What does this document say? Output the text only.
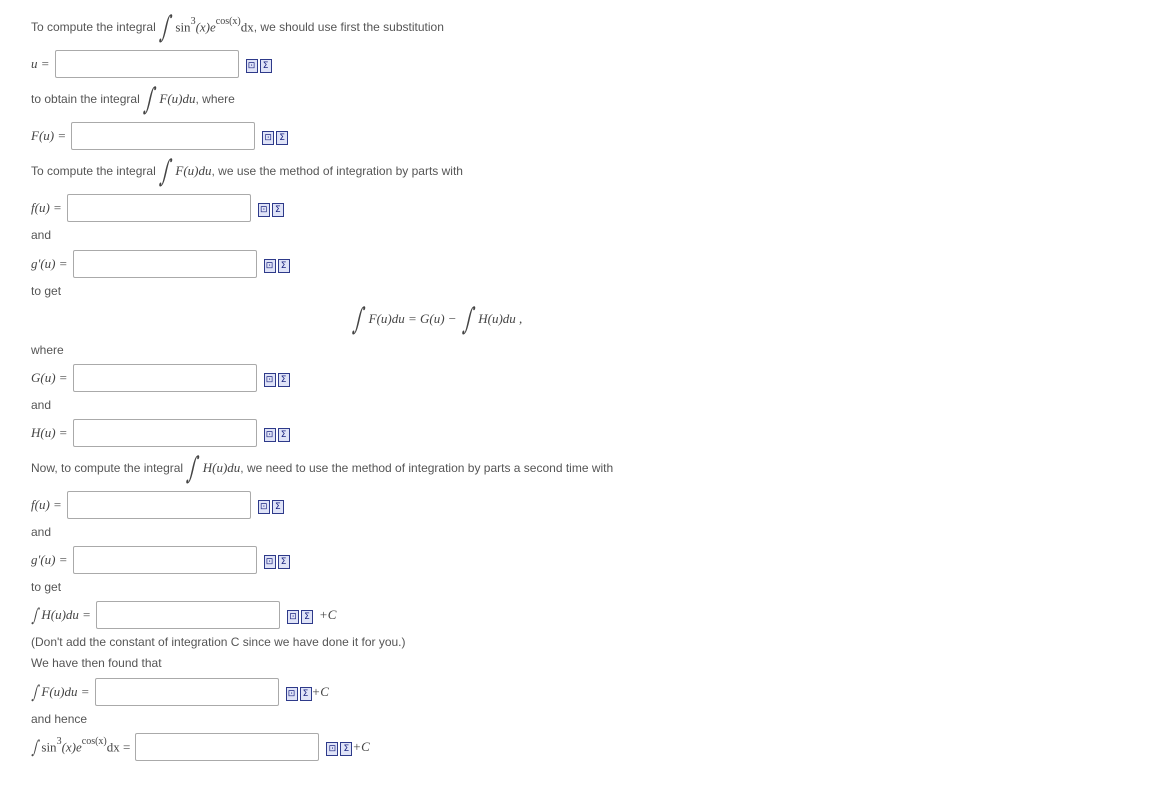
To compute the integral ∫ $\sin^3(x)e^{cos(x)}dx$ , we should use first the substitution
u =	⊡ Σ
to obtain the integral ∫ F(u)du , where
F(u) =	⊡ Σ
To compute the integral ∫ F(u)du , we use the method of integration by parts with
f(u) =	⊡ Σ
and
g′(u) =	⊡ Σ
to get
∫ F(u)du = G(u) − ∫ H(u)du ,
where
G(u) =	⊡ Σ
and
H(u) =	⊡ Σ
Now, to compute the integral ∫ H(u)du , we need to use the method of integration by parts a second time with
f(u) =	⊡ Σ
and
g′(u) =	⊡ Σ
to get
∫ H(u)du =	⊡ Σ +C
(Don't add the constant of integration C since we have done it for you.)
We have then found that
∫ F(u)du =	⊡ Σ +C
and hence
∫ $\sin^3(x)e^{cos(x)}dx$ =	⊡ Σ +C
